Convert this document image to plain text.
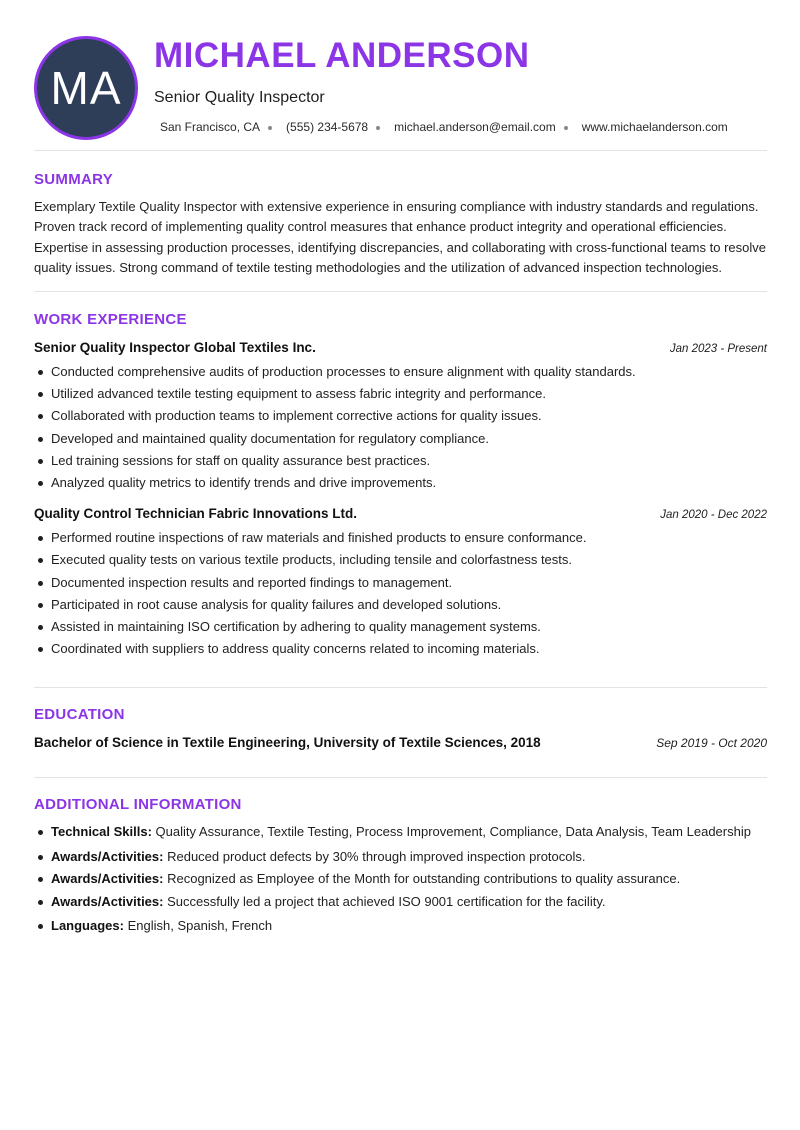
MA
MICHAEL ANDERSON
Senior Quality Inspector
San Francisco, CA (555) 234-5678 michael.anderson@email.com www.michaelanderson.com
SUMMARY

Exemplary Textile Quality Inspector with extensive experience in ensuring compliance with industry standards and regulations. Proven track record of implementing quality control measures that enhance product integrity and operational efficiencies. Expertise in assessing production processes, identifying discrepancies, and collaborating with cross-functional teams to resolve quality issues. Strong command of textile testing methodologies and the utilization of advanced inspection technologies.

WORK EXPERIENCE
Senior Quality Inspector Global Textiles Inc.	Jan 2023 - Present
Conducted comprehensive audits of production processes to ensure alignment with quality standards.
Utilized advanced textile testing equipment to assess fabric integrity and performance.
Collaborated with production teams to implement corrective actions for quality issues.
Developed and maintained quality documentation for regulatory compliance.
Led training sessions for staff on quality assurance best practices.
Analyzed quality metrics to identify trends and drive improvements.
Quality Control Technician Fabric Innovations Ltd.	Jan 2020 - Dec 2022
Performed routine inspections of raw materials and finished products to ensure conformance.
Executed quality tests on various textile products, including tensile and colorfastness tests.
Documented inspection results and reported findings to management.
Participated in root cause analysis for quality failures and developed solutions.
Assisted in maintaining ISO certification by adhering to quality management systems.
Coordinated with suppliers to address quality concerns related to incoming materials.
EDUCATION
Bachelor of Science in Textile Engineering, University of Textile Sciences, 2018	Sep 2019 - Oct 2020
ADDITIONAL INFORMATION
Technical Skills: Quality Assurance, Textile Testing, Process Improvement, Compliance, Data Analysis, Team Leadership
Awards/Activities: Reduced product defects by 30% through improved inspection protocols.
Awards/Activities: Recognized as Employee of the Month for outstanding contributions to quality assurance.
Awards/Activities: Successfully led a project that achieved ISO 9001 certification for the facility.
Languages: English, Spanish, French
